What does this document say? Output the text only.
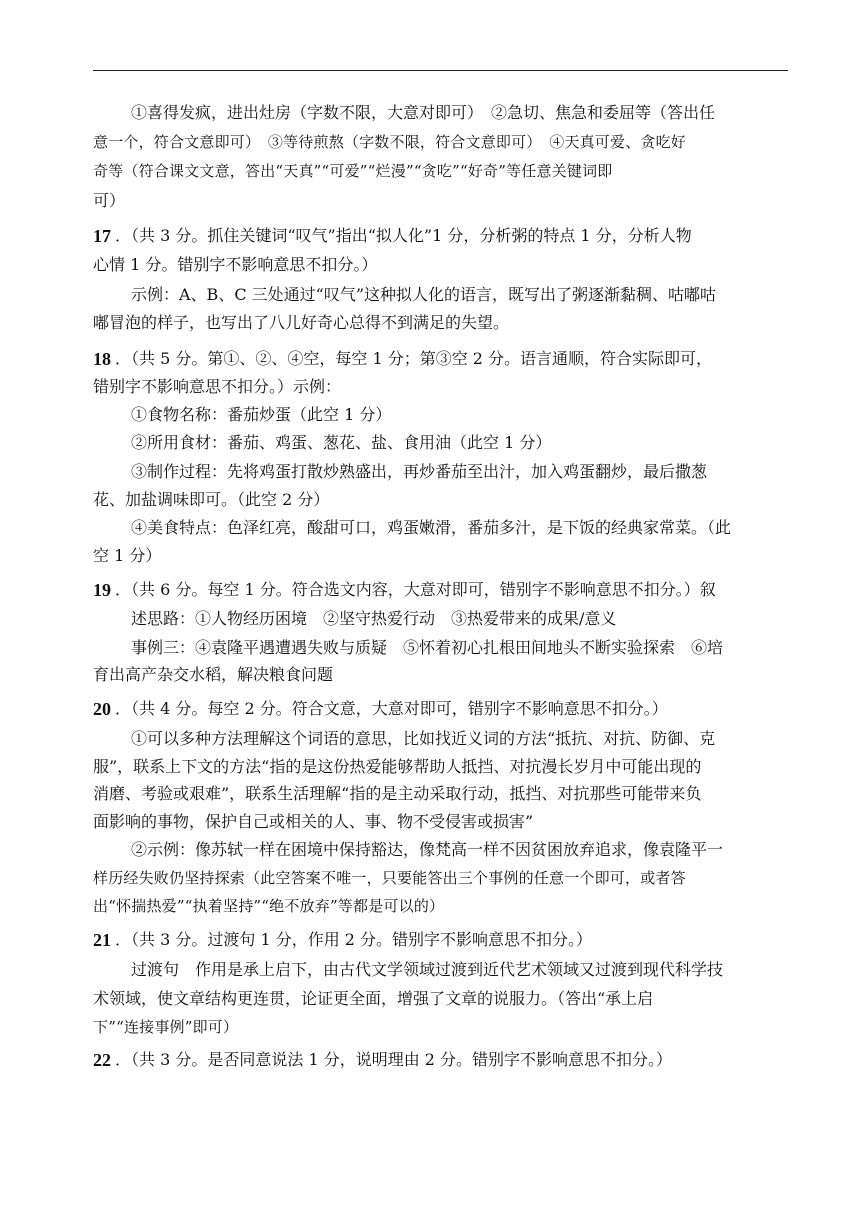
①喜得发疯，进出灶房（字数不限，大意对即可）　②急切、焦急和委屈等（答出任
意一个，符合文意即可）　③等待煎熬（字数不限，符合文意即可）　④天真可爱、贪吃好
奇等（符合课文文意，答出“天真”“可爱”“烂漫”“贪吃”“好奇”等任意关键词即
可）
17 ．（共 3 分。抓住关键词“叹气”指出“拟人化”1 分，分析粥的特点 1 分，分析人物
心情 1 分。错别字不影响意思不扣分。）
示例：A、B、C 三处通过“叹气”这种拟人化的语言，既写出了粥逐渐黏稠、咕嘟咕
嘟冒泡的样子，也写出了八儿好奇心总得不到满足的失望。
18 ．（共 5 分。第①、②、④空，每空 1 分；第③空 2 分。语言通顺，符合实际即可，
错别字不影响意思不扣分。）示例：
①食物名称：番茄炒蛋（此空 1 分）
②所用食材：番茄、鸡蛋、葱花、盐、食用油（此空 1 分）
③制作过程：先将鸡蛋打散炒熟盛出，再炒番茄至出汁，加入鸡蛋翻炒，最后撒葱
花、加盐调味即可。（此空 2 分）
④美食特点：色泽红亮，酸甜可口，鸡蛋嫩滑，番茄多汁，是下饭的经典家常菜。（此
空 1 分）
19 ．（共 6 分。每空 1 分。符合选文内容，大意对即可，错别字不影响意思不扣分。）叙
述思路：①人物经历困境　②坚守热爱行动　③热爱带来的成果/意义
事例三：④袁隆平遇遭遇失败与质疑　⑤怀着初心扎根田间地头不断实验探索　⑥培
育出高产杂交水稻，解决粮食问题
20 ．（共 4 分。每空 2 分。符合文意，大意对即可，错别字不影响意思不扣分。）
①可以多种方法理解这个词语的意思，比如找近义词的方法“抵抗、对抗、防御、克
服”，联系上下文的方法“指的是这份热爱能够帮助人抵挡、对抗漫长岁月中可能出现的
消磨、考验或艰难”，联系生活理解“指的是主动采取行动，抵挡、对抗那些可能带来负
面影响的事物，保护自己或相关的人、事、物不受侵害或损害”
②示例：像苏轼一样在困境中保持豁达，像梵高一样不因贫困放弃追求，像袁隆平一
样历经失败仍坚持探索（此空答案不唯一，只要能答出三个事例的任意一个即可，或者答
出“怀揣热爱”“执着坚持”“绝不放弃”等都是可以的）
21 ．（共 3 分。过渡句 1 分，作用 2 分。错别字不影响意思不扣分。）
过渡句　作用是承上启下，由古代文学领域过渡到近代艺术领域又过渡到现代科学技
术领域，使文章结构更连贯，论证更全面，增强了文章的说服力。（答出“承上启
下”“连接事例”即可）
22 ．（共 3 分。是否同意说法 1 分，说明理由 2 分。错别字不影响意思不扣分。）
